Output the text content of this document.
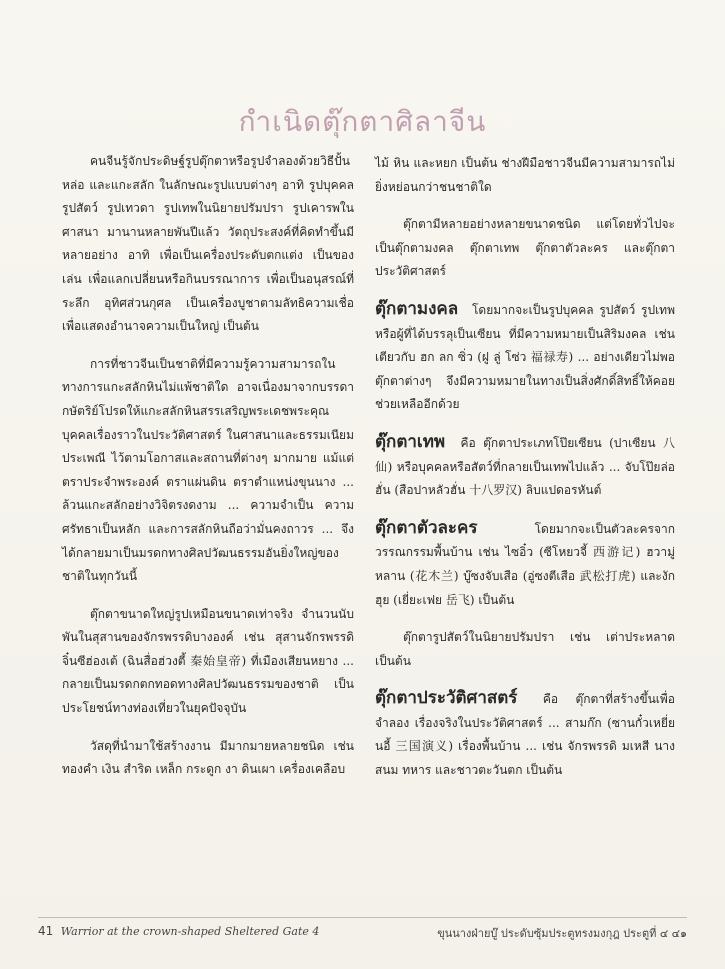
กำเนิดตุ๊กตาศิลาจีน

คนจีนรู้จักประดิษฐ์รูปตุ๊กตาหรือรูปจำลองด้วยวิธีปั้น หล่อ และแกะสลัก ในลักษณะรูปแบบต่างๆ อาทิ รูปบุคคล รูปสัตว์ รูปเทวดา รูปเทพในนิยายปรัมปรา รูปเคารพในศาสนา มานานหลายพันปีแล้ว วัตถุประสงค์ที่คิดทำขึ้นมีหลายอย่าง อาทิ เพื่อเป็นเครื่องประดับตกแต่ง เป็นของเล่น เพื่อแลกเปลี่ยนหรือกินบรรณาการ เพื่อเป็นอนุสรณ์ที่ระลึก อุทิศส่วนกุศล เป็นเครื่องบูชาตามลัทธิความเชื่อ เพื่อแสดงอำนาจความเป็นใหญ่ เป็นต้น

การที่ชาวจีนเป็นชาติที่มีความรู้ความสามารถในทางการแกะสลักหินไม่แพ้ชาติใด อาจเนื่องมาจากบรรดากษัตริย์โปรดให้แกะสลักหินสรรเสริญพระเดชพระคุณบุคคลเรื่องราวในประวัติศาสตร์ ในศาสนาและธรรมเนียมประเพณี ไว้ตามโอกาสและสถานที่ต่างๆ มากมาย แม้แต่ตราประจำพระองค์ ตราแผ่นดิน ตราตำแหน่งขุนนาง ... ล้วนแกะสลักอย่างวิจิตรงดงาม ... ความจำเป็น ความศรัทธาเป็นหลัก และการสลักหินถือว่ามั่นคงถาวร ... จึงได้กลายมาเป็นมรดกทางศิลปวัฒนธรรมอันยิ่งใหญ่ของชาติในทุกวันนี้

ตุ๊กตาขนาดใหญ่รูปเหมือนขนาดเท่าจริง จำนวนนับพันในสุสานของจักรพรรดิบางองค์ เช่น สุสานจักรพรรดิจิ๋นซีฮ่องเต้ (ฉินสื่อฮ่วงตี้ 秦始皇帝) ที่เมืองเสียนหยาง ... กลายเป็นมรดกตกทอดทางศิลปวัฒนธรรมของชาติ เป็นประโยชน์ทางท่องเที่ยวในยุคปัจจุบัน

วัสดุที่นำมาใช้สร้างงาน มีมากมายหลายชนิด เช่น ทองคำ เงิน สำริด เหล็ก กระดูก งา ดินเผา เครื่องเคลือบ

ไม้ หิน และหยก เป็นต้น ช่างฝีมือชาวจีนมีความสามารถไม่ยิ่งหย่อนกว่าชนชาติใด

ตุ๊กตามีหลายอย่างหลายขนาดชนิด แต่โดยทั่วไปจะเป็นตุ๊กตามงคล ตุ๊กตาเทพ ตุ๊กตาตัวละคร และตุ๊กตาประวัติศาสตร์

ตุ๊กตามงคล โดยมากจะเป็นรูปบุคคล รูปสัตว์ รูปเทพหรือผู้ที่ได้บรรลุเป็นเซียน ที่มีความหมายเป็นสิริมงคล เช่น เตียวกับ ฮก ลก ซิ่ว (ฝู ลู่ โซ่ว 福禄寿) ... อย่างเดียวไม่พอ ตุ๊กตาต่างๆ จึงมีความหมายในทางเป็นสิ่งศักดิ์สิทธิ์ให้คอยช่วยเหลืออีกด้วย

ตุ๊กตาเทพ คือ ตุ๊กตาประเภทโป๊ยเซียน (ปาเซียน 八仙) หรือบุคคลหรือสัตว์ที่กลายเป็นเทพไปแล้ว ... จับโป๊ยล่อฮั่น (สือปาหลัวฮั่น 十八罗汉) ลิบแปดอรหันต์

ตุ๊กตาตัวละคร	โดยมากจะเป็นตัวละครจากวรรณกรรมพื้นบ้าน เช่น ไซอิ๋ว (ซีโหยวจี้ 西游记) ฮวามู่หลาน (花木兰) บู๊ซงจับเสือ (อู่ซงตีเสือ 武松打虎) และงักฮุย (เยี่ยะเฟย 岳飞) เป็นต้น

ตุ๊กตารูปสัตว์ในนิยายปรัมปรา เช่น เต่าประหลาด เป็นต้น

ตุ๊กตาประวัติศาสตร์ คือ ตุ๊กตาที่สร้างขึ้นเพื่อจำลอง เรื่องจริงในประวัติศาสตร์ ... สามก๊ก (ซานกั๋วเหยี่ยนอี้ 三国演义) เรื่องพื้นบ้าน ... เช่น จักรพรรดิ มเหสี นางสนม ทหาร และชาวตะวันตก เป็นต้น

41 Warrior at the crown-shaped Sheltered Gate 4	ขุนนางฝ่ายบู๊ ประดับซุ้มประตูทรงมงกุฎ ประตูที่ ๔ ๔๑
